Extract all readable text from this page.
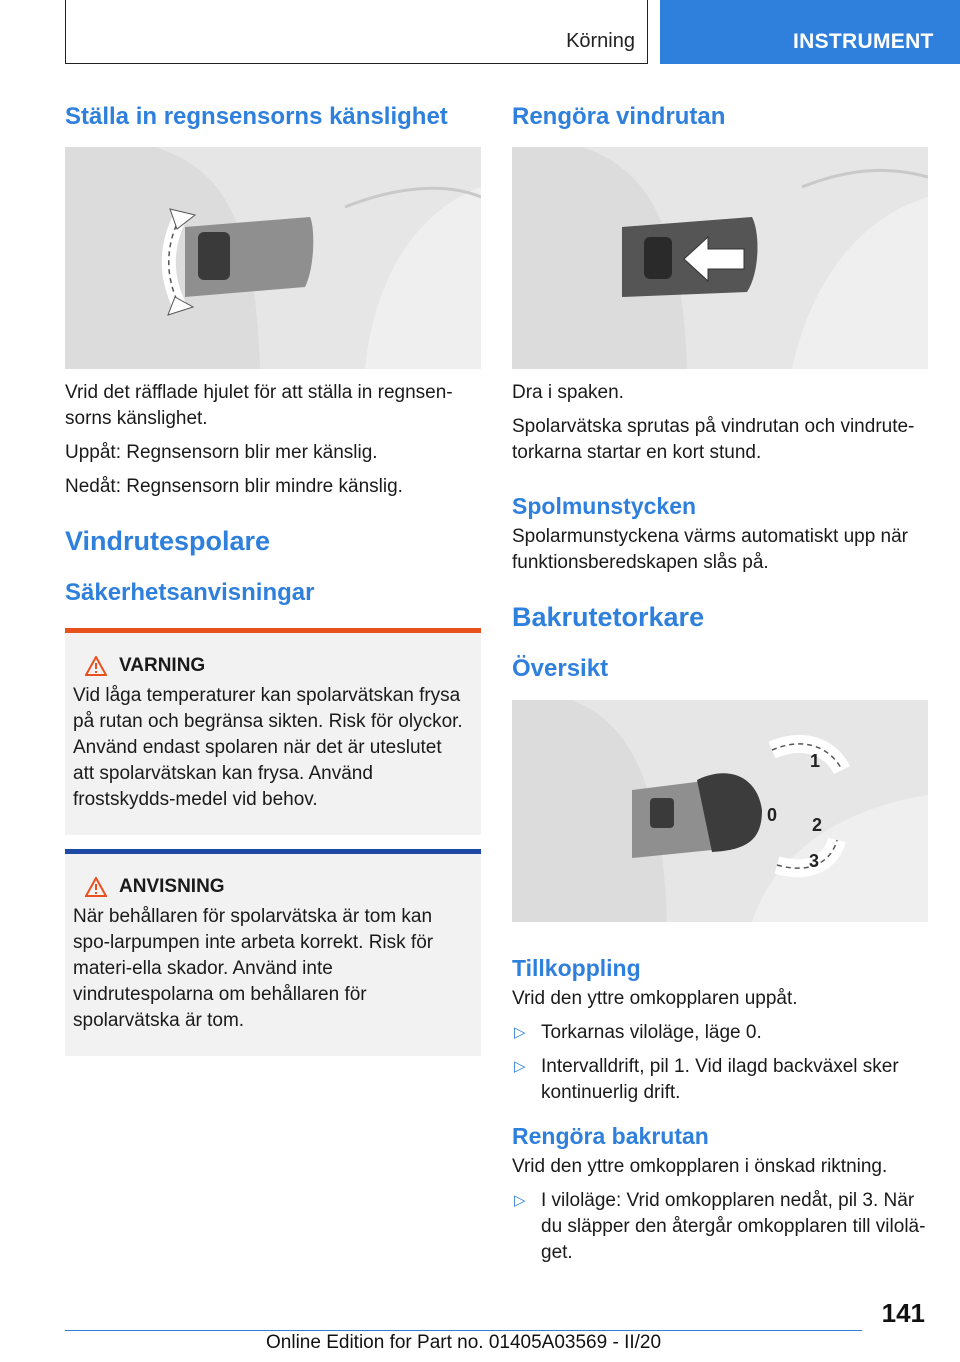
Körning	INSTRUMENT
Ställa in regnsensorns känslighet

Vrid det räfflade hjulet för att ställa in regnsen-sorns känslighet.

Uppåt: Regnsensorn blir mer känslig.

Nedåt: Regnsensorn blir mindre känslig.

Vindrutespolare
Säkerhetsanvisningar
VARNING

Vid låga temperaturer kan spolarvätskan frysa på rutan och begränsa sikten. Risk för olyckor. Använd endast spolaren när det är uteslutet att spolarvätskan kan frysa. Använd frostskydds-medel vid behov.

ANVISNING

När behållaren för spolarvätska är tom kan spo-larpumpen inte arbeta korrekt. Risk för materi-ella skador. Använd inte vindrutespolarna om behållaren för spolarvätska är tom.

Rengöra vindrutan

Dra i spaken.

Spolarvätska sprutas på vindrutan och vindrute-torkarna startar en kort stund.

Spolmunstycken

Spolarmunstyckena värms automatiskt upp när funktionsberedskapen slås på.

Bakrutetorkare
Översikt
1
0 2
3
Tillkoppling

Vrid den yttre omkopplaren uppåt.

▷ Torkarnas viloläge, läge 0.
▷ Intervalldrift, pil 1. Vid ilagd backväxel sker kontinuerlig drift.
Rengöra bakrutan

Vrid den yttre omkopplaren i önskad riktning.

▷ I viloläge: Vrid omkopplaren nedåt, pil 3. När du släpper den återgår omkopplaren till vilolä-get.
141
Online Edition for Part no. 01405A03569 - II/20
